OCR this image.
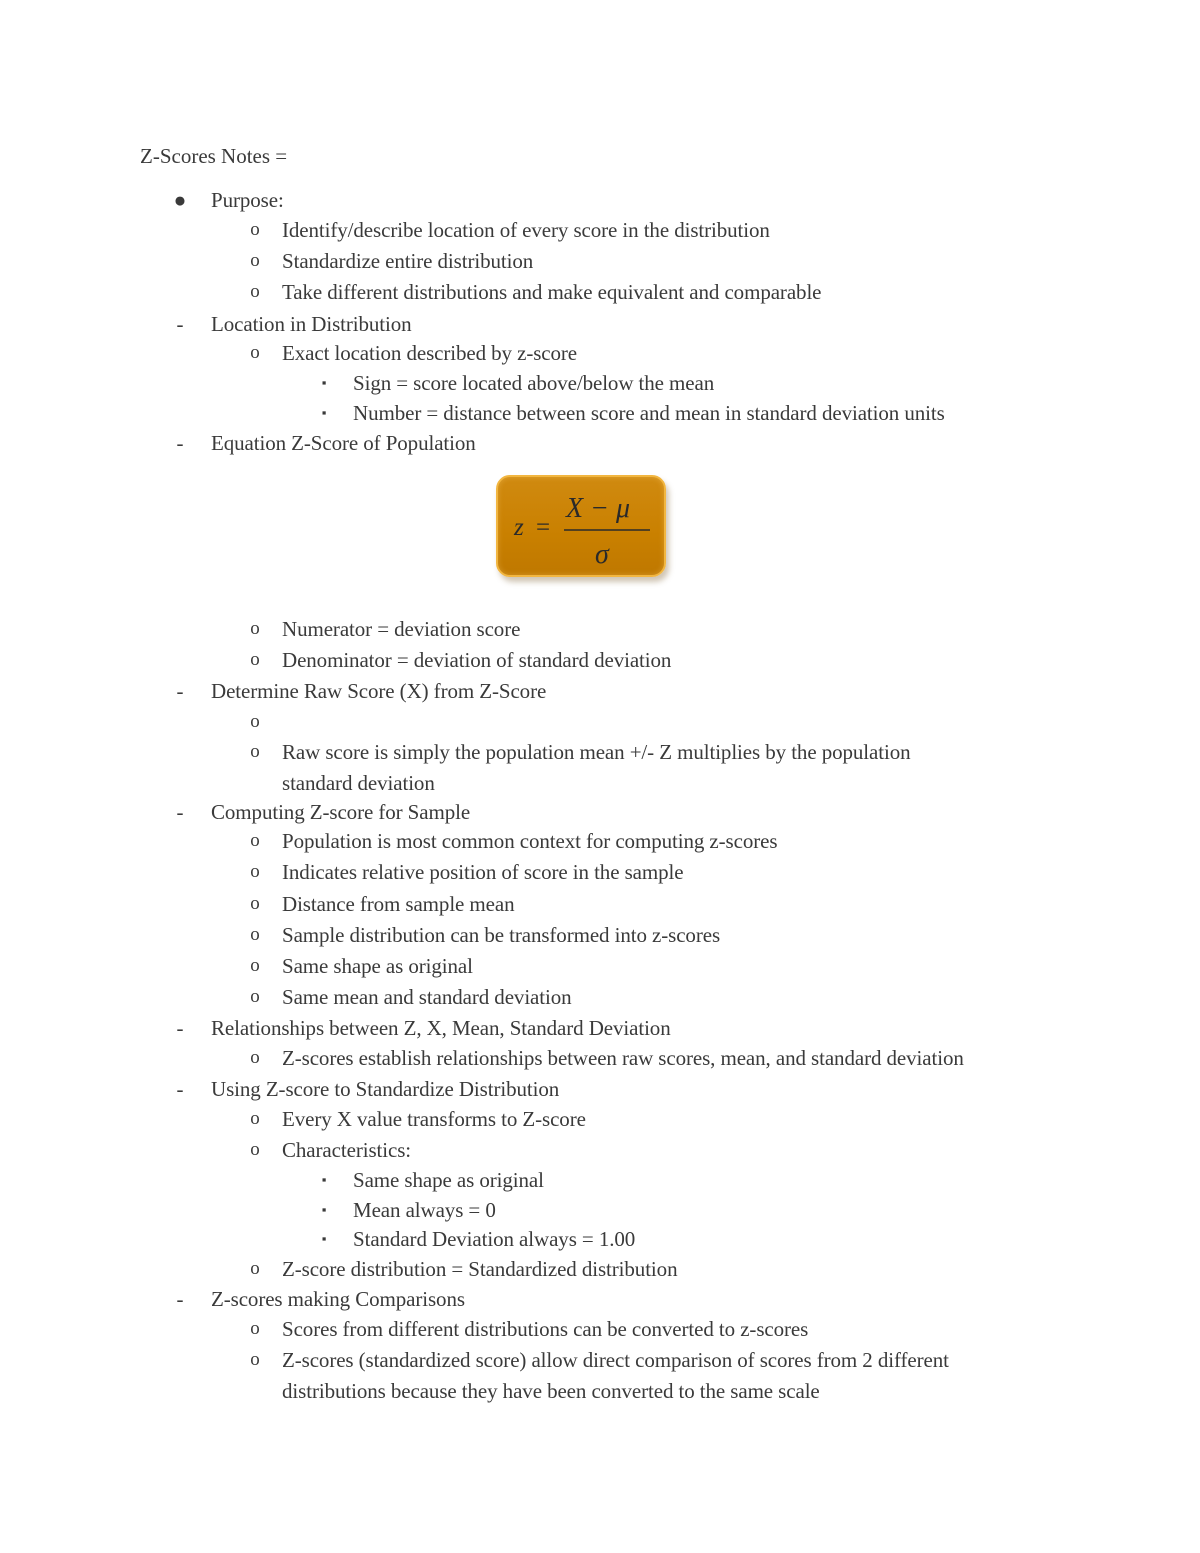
Z-Scores Notes =
● Purpose:
o Identify/describe location of every score in the distribution
o Standardize entire distribution
o Take different distributions and make equivalent and comparable
- Location in Distribution
o Exact location described by z-score
▪ Sign = score located above/below the mean
▪ Number = distance between score and mean in standard deviation units
- Equation Z-Score of Population
o Numerator = deviation score
o Denominator = deviation of standard deviation
- Determine Raw Score (X) from Z-Score
o
o Raw score is simply the population mean +/- Z multiplies by the population
standard deviation
- Computing Z-score for Sample
o Population is most common context for computing z-scores
o Indicates relative position of score in the sample
o Distance from sample mean
o Sample distribution can be transformed into z-scores
o Same shape as original
o Same mean and standard deviation
- Relationships between Z, X, Mean, Standard Deviation
o Z-scores establish relationships between raw scores, mean, and standard deviation
- Using Z-score to Standardize Distribution
o Every X value transforms to Z-score
o Characteristics:
▪ Same shape as original
▪ Mean always = 0
▪ Standard Deviation always = 1.00
o Z-score distribution = Standardized distribution
- Z-scores making Comparisons
o Scores from different distributions can be converted to z-scores
o Z-scores (standardized score) allow direct comparison of scores from 2 different
distributions because they have been converted to the same scale
z =
X − μ
σ
